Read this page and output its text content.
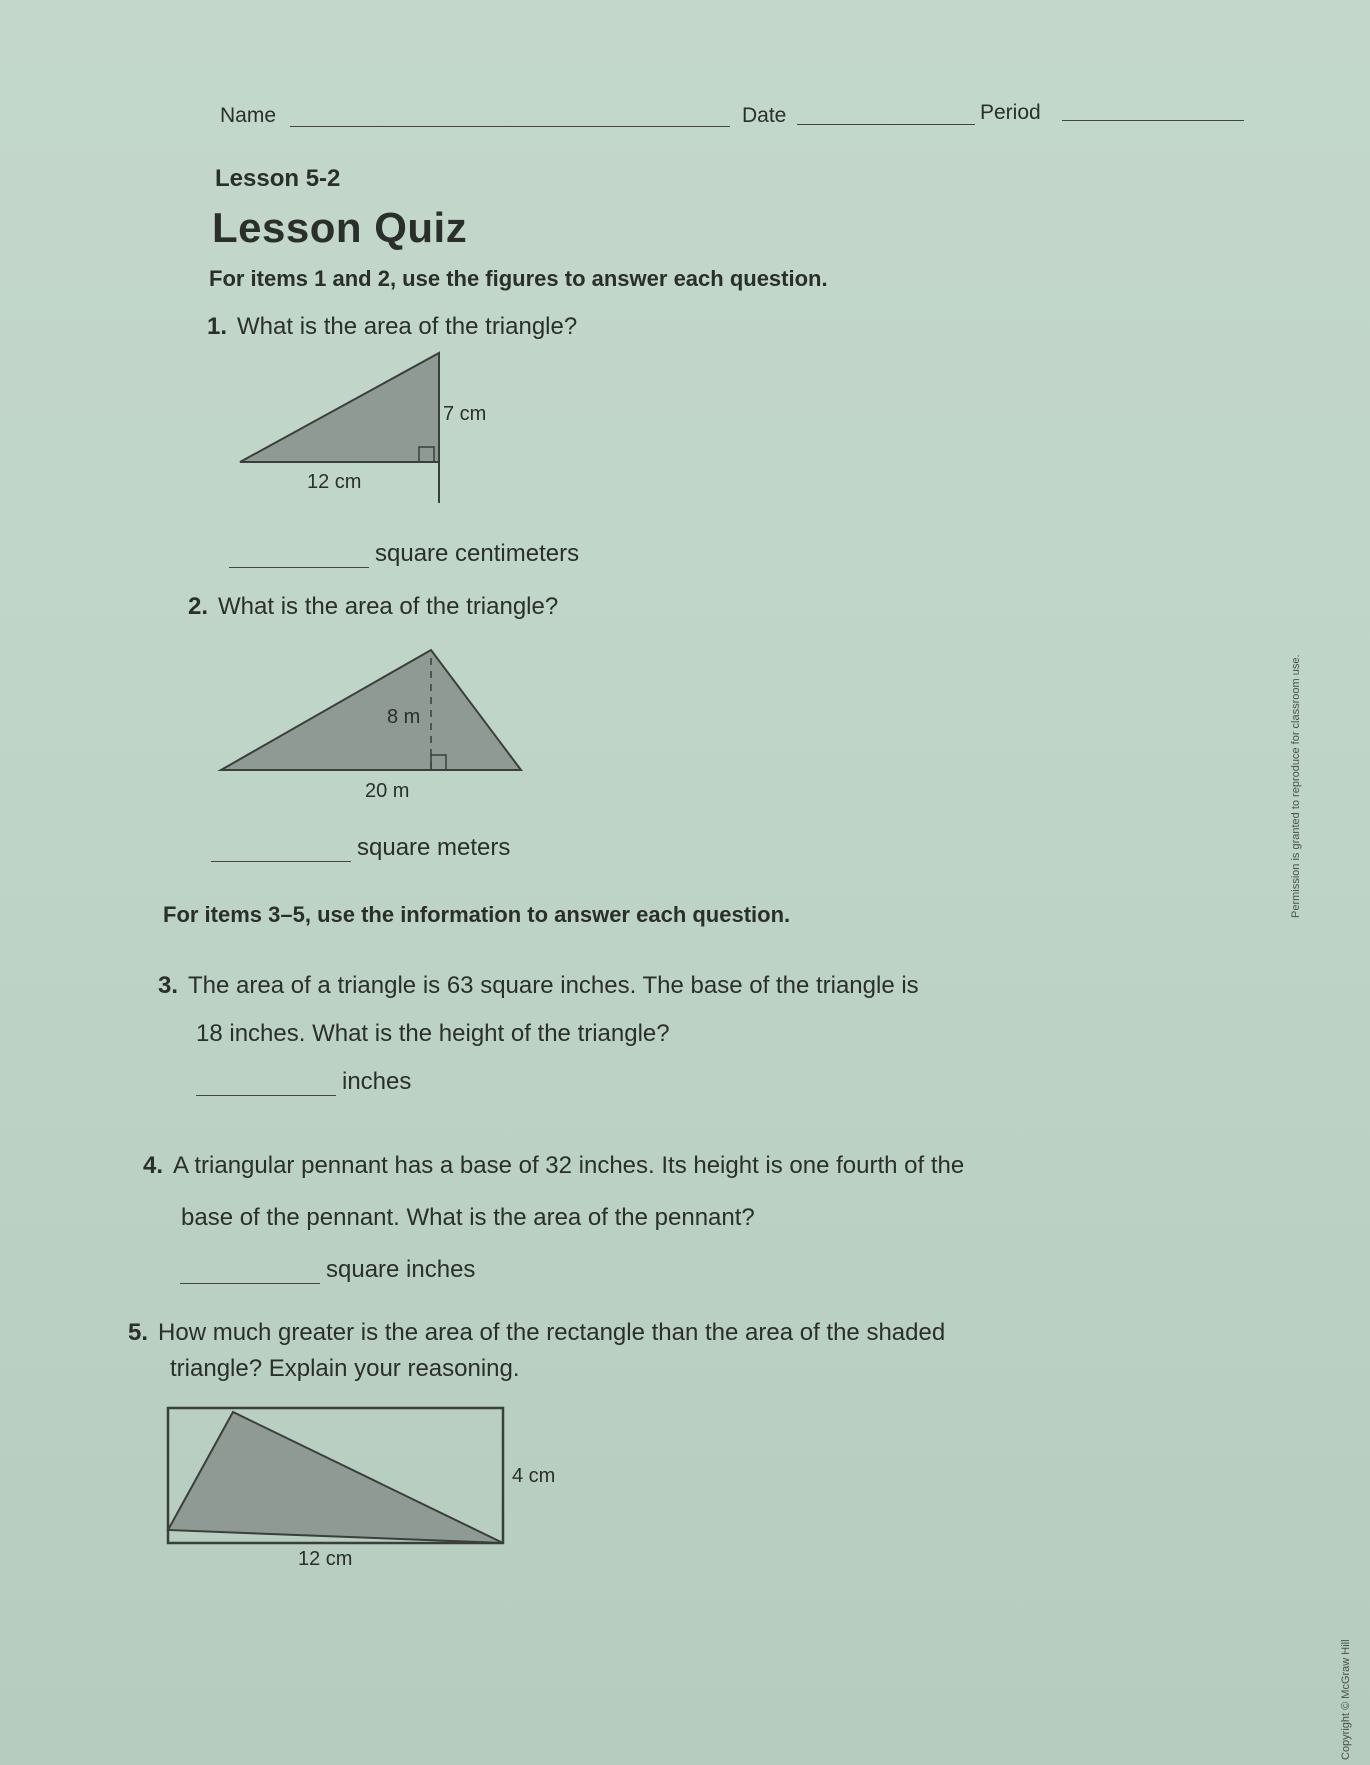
Name	Date	Period
Lesson 5-2
Lesson Quiz
For items 1 and 2, use the figures to answer each question.
1. What is the area of the triangle?
7 cm
12 cm
square centimeters
2. What is the area of the triangle?
8 m
20 m
square meters
For items 3–5, use the information to answer each question.
3. The area of a triangle is 63 square inches. The base of the triangle is
18 inches. What is the height of the triangle?
inches
4. A triangular pennant has a base of 32 inches. Its height is one fourth of the
base of the pennant. What is the area of the pennant?
square inches
5. How much greater is the area of the rectangle than the area of the shaded
triangle? Explain your reasoning.
4 cm
12 cm
Permission is granted to reproduce for classroom use.
Copyright © McGraw Hill
